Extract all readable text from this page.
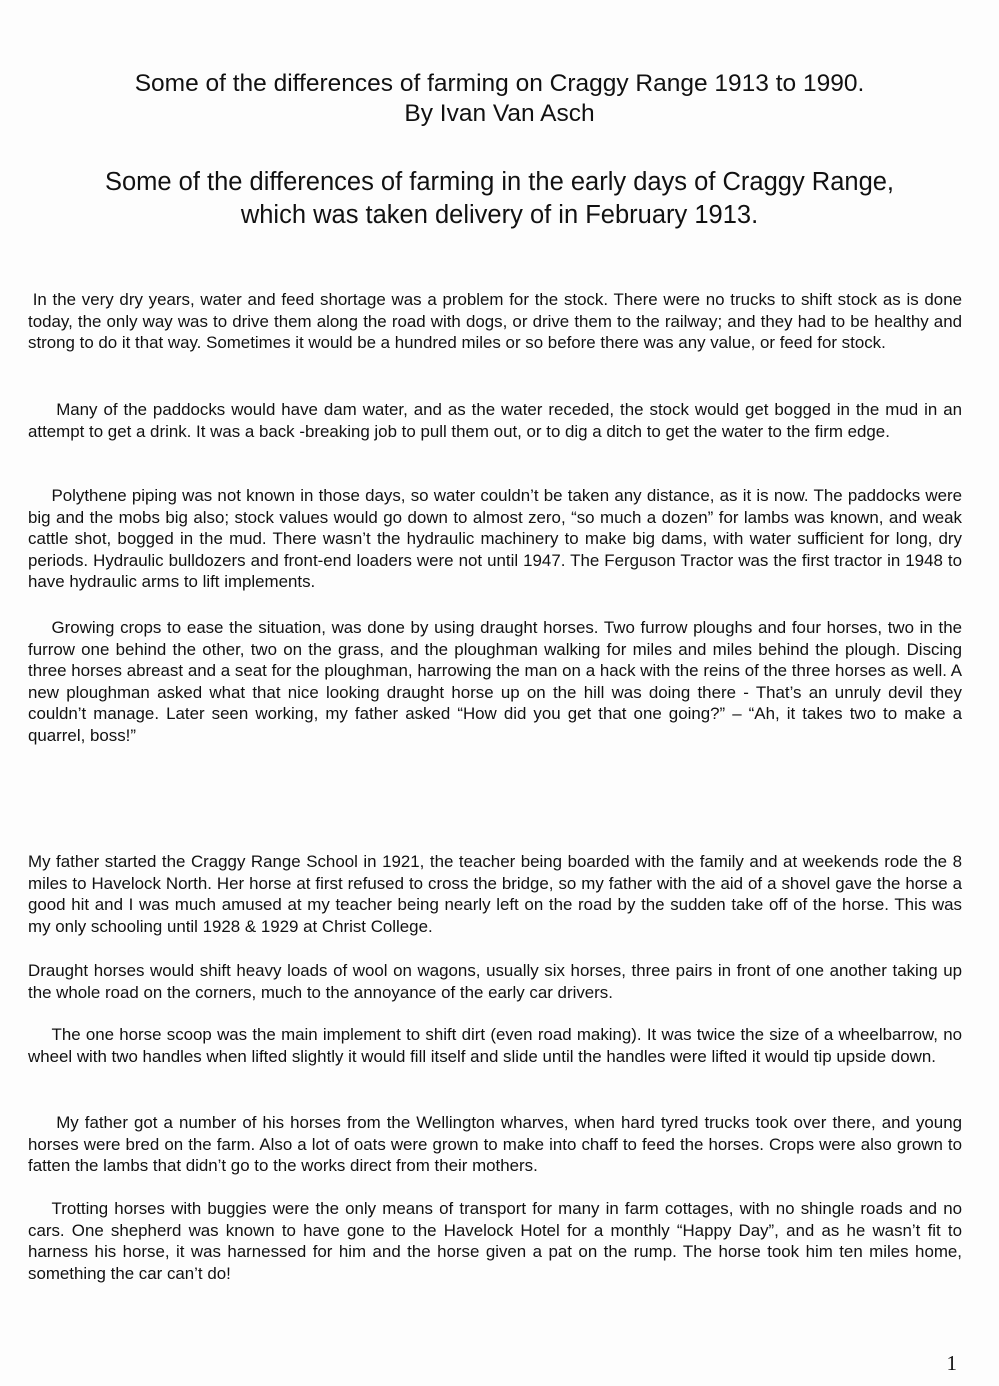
Some of the differences of farming on Craggy Range 1913 to 1990.
By Ivan Van Asch
Some of the differences of farming in the early days of Craggy Range,
which was taken delivery of in February 1913.

In the very dry years, water and feed shortage was a problem for the stock. There were no trucks to shift stock as is done today, the only way was to drive them along the road with dogs, or drive them to the railway; and they had to be healthy and strong to do it that way. Sometimes it would be a hundred miles or so before there was any value, or feed for stock.

Many of the paddocks would have dam water, and as the water receded, the stock would get bogged in the mud in an attempt to get a drink. It was a back -breaking job to pull them out, or to dig a ditch to get the water to the firm edge.

Polythene piping was not known in those days, so water couldn’t be taken any distance, as it is now. The paddocks were big and the mobs big also; stock values would go down to almost zero, “so much a dozen” for lambs was known, and weak cattle shot, bogged in the mud. There wasn’t the hydraulic machinery to make big dams, with water sufficient for long, dry periods. Hydraulic bulldozers and front-end loaders were not until 1947. The Ferguson Tractor was the first tractor in 1948 to have hydraulic arms to lift implements.

Growing crops to ease the situation, was done by using draught horses. Two furrow ploughs and four horses, two in the furrow one behind the other, two on the grass, and the ploughman walking for miles and miles behind the plough. Discing three horses abreast and a seat for the ploughman, harrowing the man on a hack with the reins of the three horses as well. A new ploughman asked what that nice looking draught horse up on the hill was doing there - That’s an unruly devil they couldn’t manage. Later seen working, my father asked “How did you get that one going?” – “Ah, it takes two to make a quarrel, boss!”

My father started the Craggy Range School in 1921, the teacher being boarded with the family and at weekends rode the 8 miles to Havelock North. Her horse at first refused to cross the bridge, so my father with the aid of a shovel gave the horse a good hit and I was much amused at my teacher being nearly left on the road by the sudden take off of the horse. This was my only schooling until 1928 & 1929 at Christ College.

Draught horses would shift heavy loads of wool on wagons, usually six horses, three pairs in front of one another taking up the whole road on the corners, much to the annoyance of the early car drivers.

The one horse scoop was the main implement to shift dirt (even road making). It was twice the size of a wheelbarrow, no wheel with two handles when lifted slightly it would fill itself and slide until the handles were lifted it would tip upside down.

My father got a number of his horses from the Wellington wharves, when hard tyred trucks took over there, and young horses were bred on the farm. Also a lot of oats were grown to make into chaff to feed the horses. Crops were also grown to fatten the lambs that didn’t go to the works direct from their mothers.

Trotting horses with buggies were the only means of transport for many in farm cottages, with no shingle roads and no cars. One shepherd was known to have gone to the Havelock Hotel for a monthly “Happy Day”, and as he wasn’t fit to harness his horse, it was harnessed for him and the horse given a pat on the rump. The horse took him ten miles home, something the car can’t do!

1
